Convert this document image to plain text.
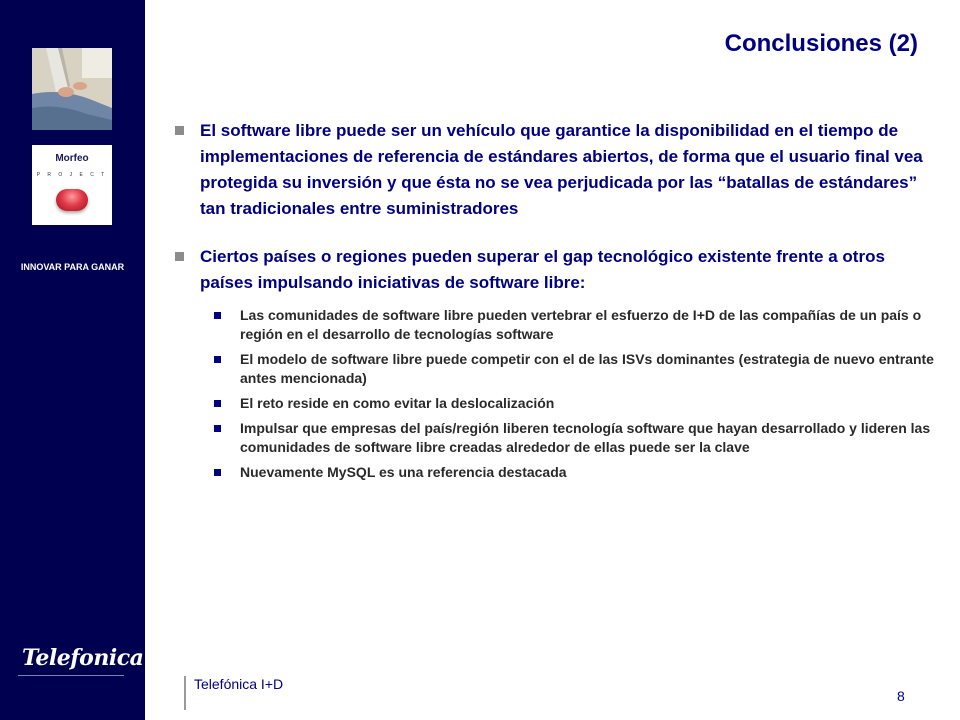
Morfeo
P R O J E C T
INNOVAR PARA GANAR
Telefonica
Conclusiones (2)
El software libre puede ser un vehículo que garantice la disponibilidad en el tiempo de implementaciones de referencia de estándares abiertos, de forma que el usuario final vea protegida su inversión y que ésta no se vea perjudicada por las “batallas de estándares” tan tradicionales entre suministradores
Ciertos países o regiones pueden superar el gap tecnológico existente frente a otros países impulsando iniciativas de software libre:
Las comunidades de software libre pueden vertebrar el esfuerzo de I+D de las compañías de un país o región en el desarrollo de tecnologías software
El modelo de software libre puede competir con el de las ISVs dominantes (estrategia de nuevo entrante antes mencionada)
El reto reside en como evitar la deslocalización
Impulsar que empresas del país/región liberen tecnología software que hayan desarrollado y lideren las comunidades de software libre creadas alrededor de ellas puede ser la clave
Nuevamente MySQL es una referencia destacada
Telefónica I+D
8
